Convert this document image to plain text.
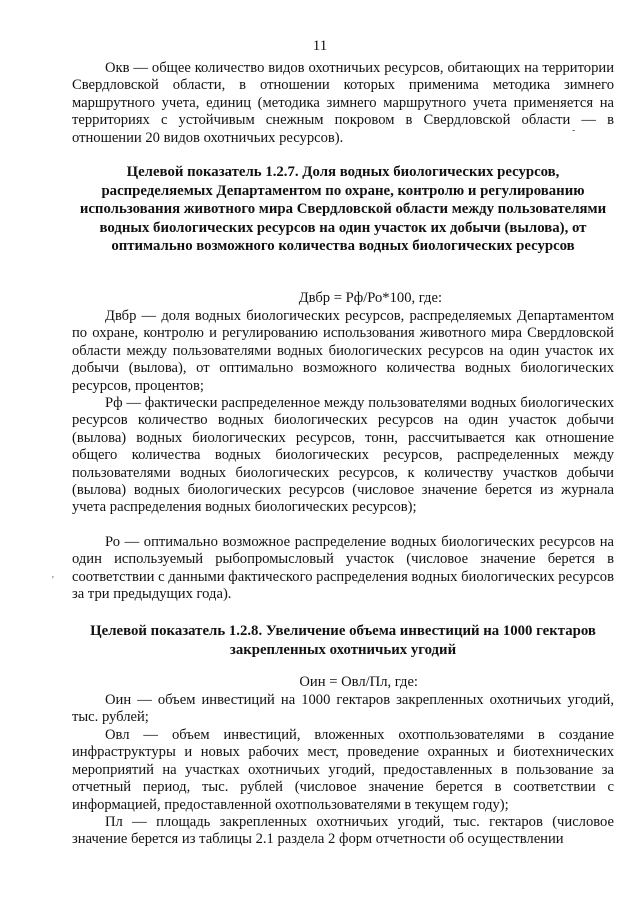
11
Окв — общее количество видов охотничьих ресурсов, обитающих на территории Свердловской области, в отношении которых применима методика зимнего маршрутного учета, единиц (методика зимнего маршрутного учета применяется на территориях с устойчивым снежным покровом в Свердловской области — в отношении 20 видов охотничьих ресурсов).	-
Целевой показатель 1.2.7. Доля водных биологических ресурсов, распределяемых Департаментом по охране, контролю и регулированию использования животного мира Свердловской области между пользователями водных биологических ресурсов на один участок их добычи (вылова), от оптимально возможного количества водных биологических ресурсов
Двбр = Рф/Ро*100, где:
Двбр — доля водных биологических ресурсов, распределяемых Департаментом по охране, контролю и регулированию использования животного мира Свердловской области между пользователями водных биологических ресурсов на один участок их добычи (вылова), от оптимально возможного количества водных биологических ресурсов, процентов;
Рф — фактически распределенное между пользователями водных биологических ресурсов количество водных биологических ресурсов на один участок добычи (вылова) водных биологических ресурсов, тонн, рассчитывается как отношение общего количества водных биологических ресурсов, распределенных между пользователями водных биологических ресурсов, к количеству участков добычи (вылова) водных биологических ресурсов (числовое значение берется из журнала учета распределения водных биологических ресурсов);
Ро — оптимально возможное распределение водных биологических ресурсов на один используемый рыбопромысловый участок (числовое значение берется в соответствии с данными фактического распределения водных биологических ресурсов за три предыдущих года).
'
Целевой показатель 1.2.8. Увеличение объема инвестиций на 1000 гектаров закрепленных охотничьих угодий
Оин = Овл/Пл, где:
Оин — объем инвестиций на 1000 гектаров закрепленных охотничьих угодий, тыс. рублей;
Овл — объем инвестиций, вложенных охотпользователями в создание инфраструктуры и новых рабочих мест, проведение охранных и биотехнических мероприятий на участках охотничьих угодий, предоставленных в пользование за отчетный период, тыс. рублей (числовое значение берется в соответствии с информацией, предоставленной охотпользователями в текущем году);
Пл — площадь закрепленных охотничьих угодий, тыс. гектаров (числовое значение берется из таблицы 2.1 раздела 2 форм отчетности об осуществлении
